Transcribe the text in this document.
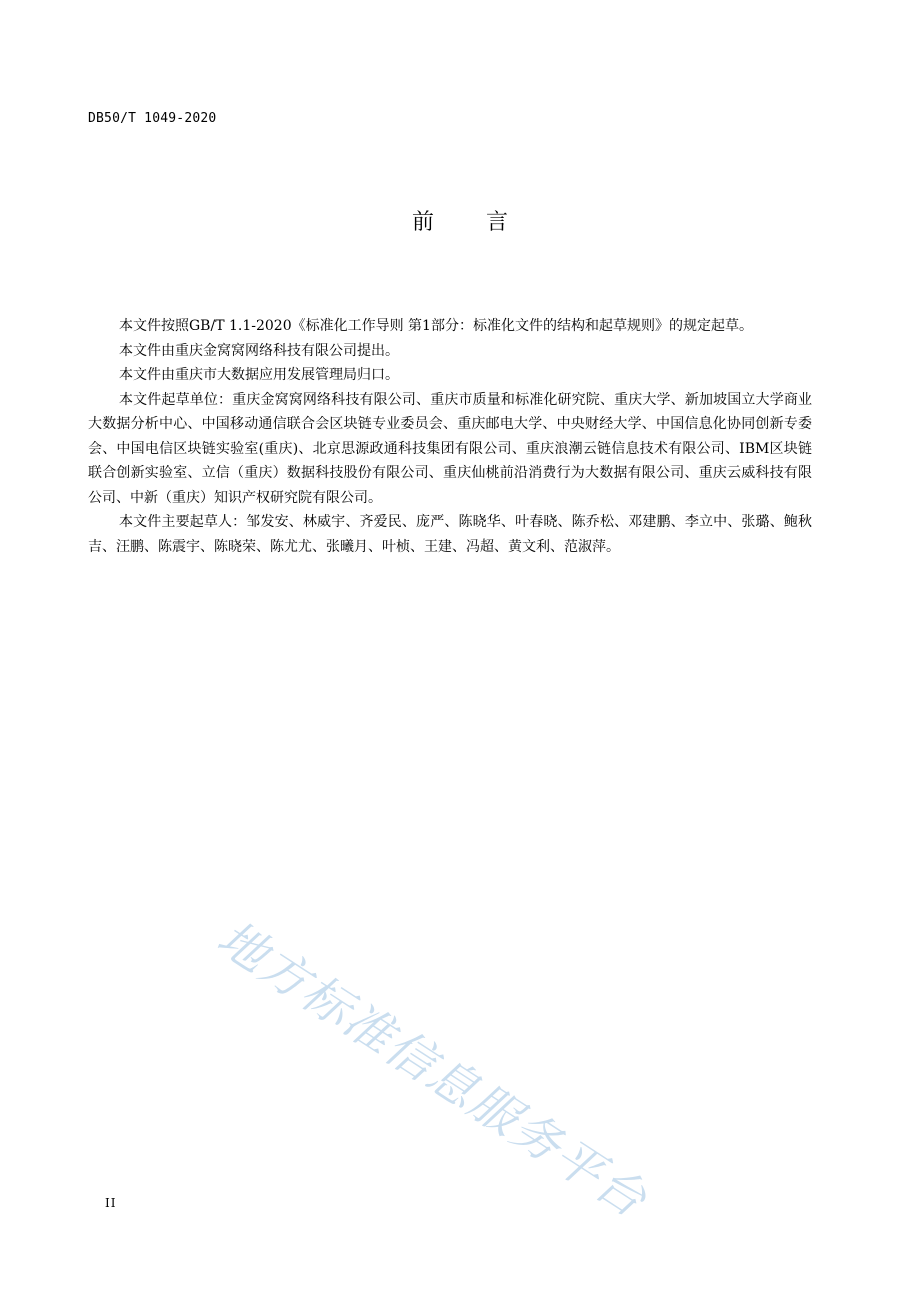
DB50/T 1049-2020
前言

本文件按照GB/T 1.1-2020《标准化工作导则 第1部分：标准化文件的结构和起草规则》的规定起草。

本文件由重庆金窝窝网络科技有限公司提出。

本文件由重庆市大数据应用发展管理局归口。

本文件起草单位：重庆金窝窝网络科技有限公司、重庆市质量和标准化研究院、重庆大学、新加坡国立大学商业大数据分析中心、中国移动通信联合会区块链专业委员会、重庆邮电大学、中央财经大学、中国信息化协同创新专委会、中国电信区块链实验室(重庆)、北京思源政通科技集团有限公司、重庆浪潮云链信息技术有限公司、IBM区块链联合创新实验室、立信（重庆）数据科技股份有限公司、重庆仙桃前沿消费行为大数据有限公司、重庆云威科技有限公司、中新（重庆）知识产权研究院有限公司。

本文件主要起草人：邹发安、林威宇、齐爱民、庞严、陈晓华、叶春晓、陈乔松、邓建鹏、李立中、张璐、鲍秋吉、汪鹏、陈震宇、陈晓荣、陈尤尤、张曦月、叶桢、王建、冯超、黄文利、范淑萍。

地方标准信息服务平台
II
